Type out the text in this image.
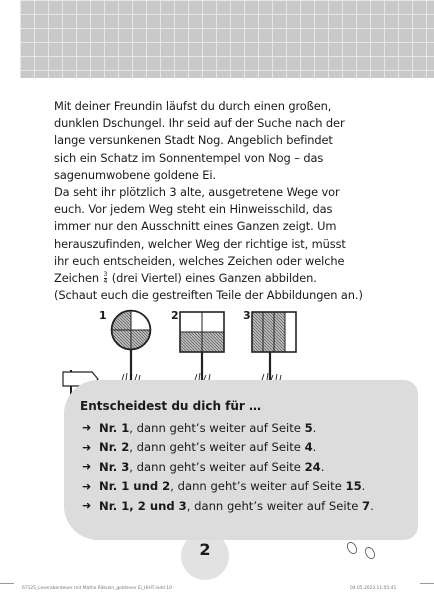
Mit deiner Freundin läufst du durch einen großen,

dunklen Dschungel. Ihr seid auf der Suche nach der

lange versunkenen Stadt Nog. Angeblich befindet

sich ein Schatz im Sonnentempel von Nog – das

sagenumwobene goldene Ei.

Da seht ihr plötzlich 3 alte, ausgetretene Wege vor

euch. Vor jedem Weg steht ein Hinweisschild, das

immer nur den Ausschnitt eines Ganzen zeigt. Um

herauszufinden, welcher Weg der richtige ist, müsst

ihr euch entscheiden, welches Zeichen oder welche

Zeichen $\frac{3}{4}$ (drei Viertel) eines Ganzen abbilden.

(Schaut euch die gestreiften Teile der Abbildungen an.)

1	2	3
Entscheidest du dich für …
➜ Nr. 1, dann geht’s weiter auf Seite 5.
➜ Nr. 2, dann geht’s weiter auf Seite 4.
➜ Nr. 3, dann geht’s weiter auf Seite 24.
➜ Nr. 1 und 2, dann geht’s weiter auf Seite 15.
➜ Nr. 1, 2 und 3, dann geht’s weiter auf Seite 7.
2
67125_Leserabenteuer mit Mathe Rätseln_goldenes Ei_HIHT.indd 10	04.05.2023 11:05:41
